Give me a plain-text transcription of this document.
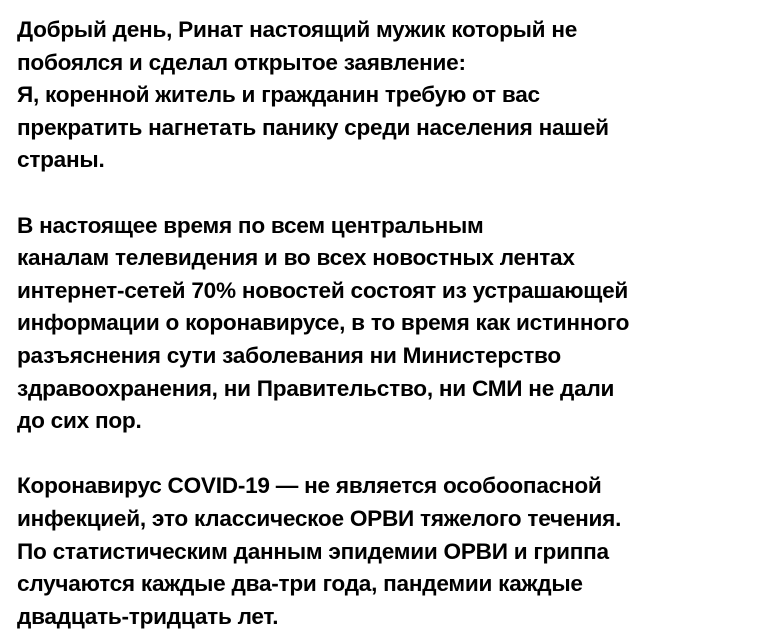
Добрый день, Ринат настоящий мужик который не
побоялся и сделал открытое заявление:
Я, коренной житель и гражданин требую от вас
прекратить нагнетать панику среди населения нашей
страны.

В настоящее время по всем центральным
каналам телевидения и во всех новостных лентах
интернет-сетей 70% новостей состоят из устрашающей
информации о коронавирусе, в то время как истинного
разъяснения сути заболевания ни Министерство
здравоохранения, ни Правительство, ни СМИ не дали
до сих пор.

Коронавирус COVID-19 — не является особоопасной
инфекцией, это классическое ОРВИ тяжелого течения.
По статистическим данным эпидемии ОРВИ и гриппа
случаются каждые два-три года, пандемии каждые
двадцать-тридцать лет.
